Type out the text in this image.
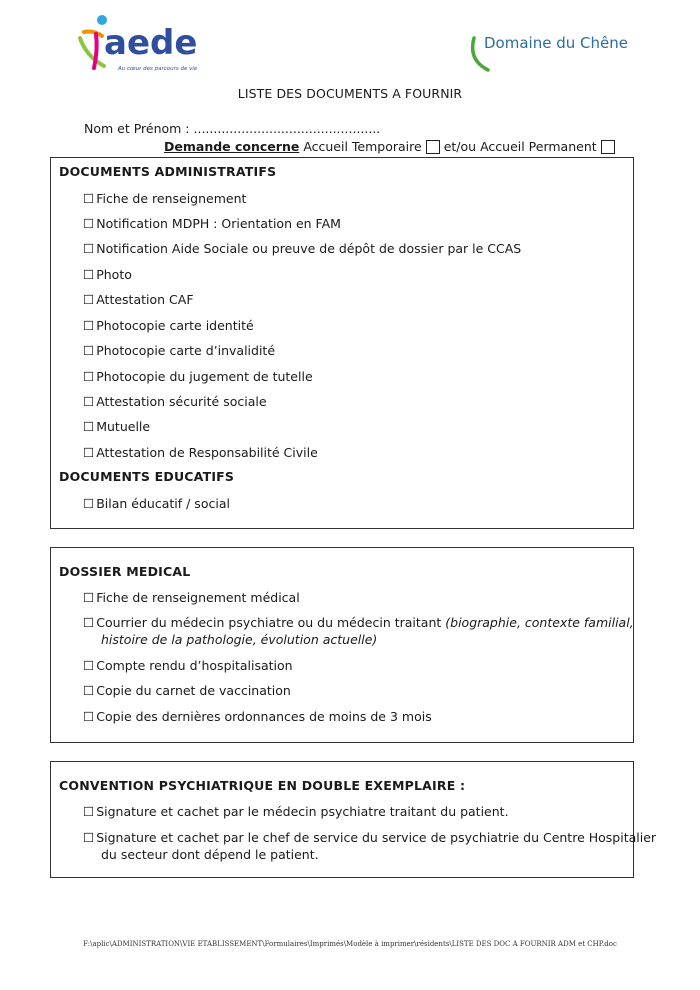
aede
Au cœur des parcours de vie
Domaine du Chêne
LISTE DES DOCUMENTS A FOURNIR
Nom et Prénom : ...............................................
Demande concerne Accueil Temporaire et/ou Accueil Permanent
DOCUMENTS ADMINISTRATIFS
☐ Fiche de renseignement
☐ Notification MDPH : Orientation en FAM
☐ Notification Aide Sociale ou preuve de dépôt de dossier par le CCAS
☐ Photo
☐ Attestation CAF
☐ Photocopie carte identité
☐ Photocopie carte d’invalidité
☐ Photocopie du jugement de tutelle
☐ Attestation sécurité sociale
☐ Mutuelle
☐ Attestation de Responsabilité Civile
DOCUMENTS EDUCATIFS
☐ Bilan éducatif / social
DOSSIER MEDICAL
☐ Fiche de renseignement médical
☐ Courrier du médecin psychiatre ou du médecin traitant (biographie, contexte familial,
histoire de la pathologie, évolution actuelle)
☐ Compte rendu d’hospitalisation
☐ Copie du carnet de vaccination
☐ Copie des dernières ordonnances de moins de 3 mois
CONVENTION PSYCHIATRIQUE EN DOUBLE EXEMPLAIRE :
☐ Signature et cachet par le médecin psychiatre traitant du patient.
☐ Signature et cachet par le chef de service du service de psychiatrie du Centre Hospitalier
du secteur dont dépend le patient.
F:\aplic\ADMINISTRATION\VIE ETABLISSEMENT\Formulaires\Imprimés\Modèle à imprimer\résidents\LISTE DES DOC A FOURNIR ADM et CHP.doc
